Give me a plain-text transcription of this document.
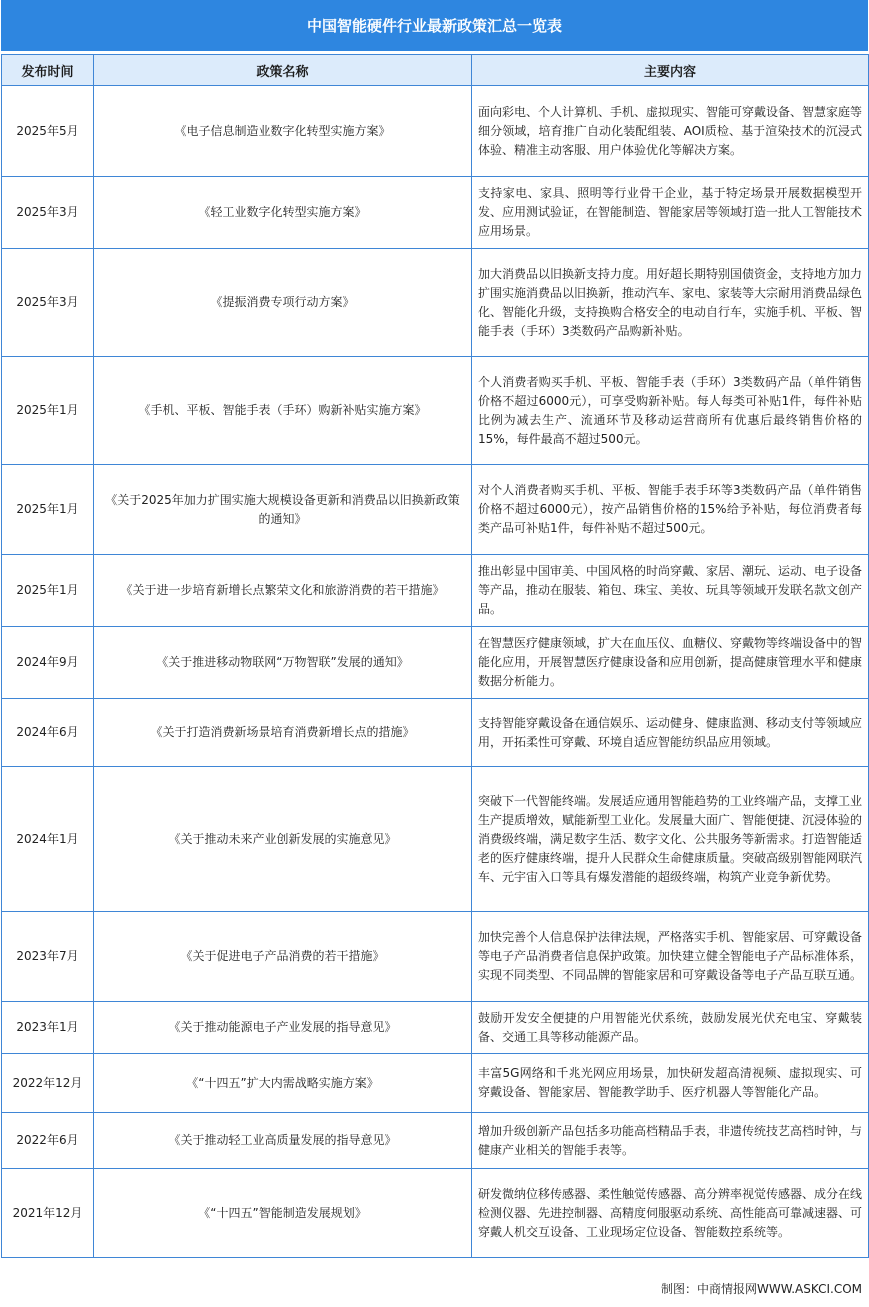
中国智能硬件行业最新政策汇总一览表
发布时间	政策名称	主要内容
2025年5月	《电子信息制造业数字化转型实施方案》	面向彩电、个人计算机、手机、虚拟现实、智能可穿戴设备、智慧家庭等细分领域，培育推广自动化装配组装、AOI质检、基于渲染技术的沉浸式体验、精准主动客服、用户体验优化等解决方案。
2025年3月	《轻工业数字化转型实施方案》	支持家电、家具、照明等行业骨干企业，基于特定场景开展数据模型开发、应用测试验证，在智能制造、智能家居等领域打造一批人工智能技术应用场景。
2025年3月	《提振消费专项行动方案》	加大消费品以旧换新支持力度。用好超长期特别国债资金，支持地方加力扩围实施消费品以旧换新，推动汽车、家电、家装等大宗耐用消费品绿色化、智能化升级，支持换购合格安全的电动自行车，实施手机、平板、智能手表（手环）3类数码产品购新补贴。
2025年1月	《手机、平板、智能手表（手环）购新补贴实施方案》	个人消费者购买手机、平板、智能手表（手环）3类数码产品（单件销售价格不超过6000元），可享受购新补贴。每人每类可补贴1件，每件补贴比例为减去生产、流通环节及移动运营商所有优惠后最终销售价格的15%，每件最高不超过500元。
2025年1月	《关于2025年加力扩围实施大规模设备更新和消费品以旧换新政策的通知》	对个人消费者购买手机、平板、智能手表手环等3类数码产品（单件销售价格不超过6000元），按产品销售价格的15%给予补贴，每位消费者每类产品可补贴1件，每件补贴不超过500元。
2025年1月	《关于进一步培育新增长点繁荣文化和旅游消费的若干措施》	推出彰显中国审美、中国风格的时尚穿戴、家居、潮玩、运动、电子设备等产品，推动在服装、箱包、珠宝、美妆、玩具等领域开发联名款文创产品。
2024年9月	《关于推进移动物联网“万物智联”发展的通知》	在智慧医疗健康领域，扩大在血压仪、血糖仪、穿戴物等终端设备中的智能化应用，开展智慧医疗健康设备和应用创新，提高健康管理水平和健康数据分析能力。
2024年6月	《关于打造消费新场景培育消费新增长点的措施》	支持智能穿戴设备在通信娱乐、运动健身、健康监测、移动支付等领域应用，开拓柔性可穿戴、环境自适应智能纺织品应用领域。
2024年1月	《关于推动未来产业创新发展的实施意见》	突破下一代智能终端。发展适应通用智能趋势的工业终端产品，支撑工业生产提质增效，赋能新型工业化。发展量大面广、智能便捷、沉浸体验的消费级终端，满足数字生活、数字文化、公共服务等新需求。打造智能适老的医疗健康终端，提升人民群众生命健康质量。突破高级别智能网联汽车、元宇宙入口等具有爆发潜能的超级终端，构筑产业竞争新优势。
2023年7月	《关于促进电子产品消费的若干措施》	加快完善个人信息保护法律法规，严格落实手机、智能家居、可穿戴设备等电子产品消费者信息保护政策。加快建立健全智能电子产品标准体系，实现不同类型、不同品牌的智能家居和可穿戴设备等电子产品互联互通。
2023年1月	《关于推动能源电子产业发展的指导意见》	鼓励开发安全便捷的户用智能光伏系统，鼓励发展光伏充电宝、穿戴装备、交通工具等移动能源产品。
2022年12月	《“十四五”扩大内需战略实施方案》	丰富5G网络和千兆光网应用场景，加快研发超高清视频、虚拟现实、可穿戴设备、智能家居、智能教学助手、医疗机器人等智能化产品。
2022年6月	《关于推动轻工业高质量发展的指导意见》	增加升级创新产品包括多功能高档精品手表，非遗传统技艺高档时钟，与健康产业相关的智能手表等。
2021年12月	《“十四五”智能制造发展规划》	研发微纳位移传感器、柔性触觉传感器、高分辨率视觉传感器、成分在线检测仪器、先进控制器、高精度伺服驱动系统、高性能高可靠减速器、可穿戴人机交互设备、工业现场定位设备、智能数控系统等。
制图：中商情报网WWW.ASKCI.COM
